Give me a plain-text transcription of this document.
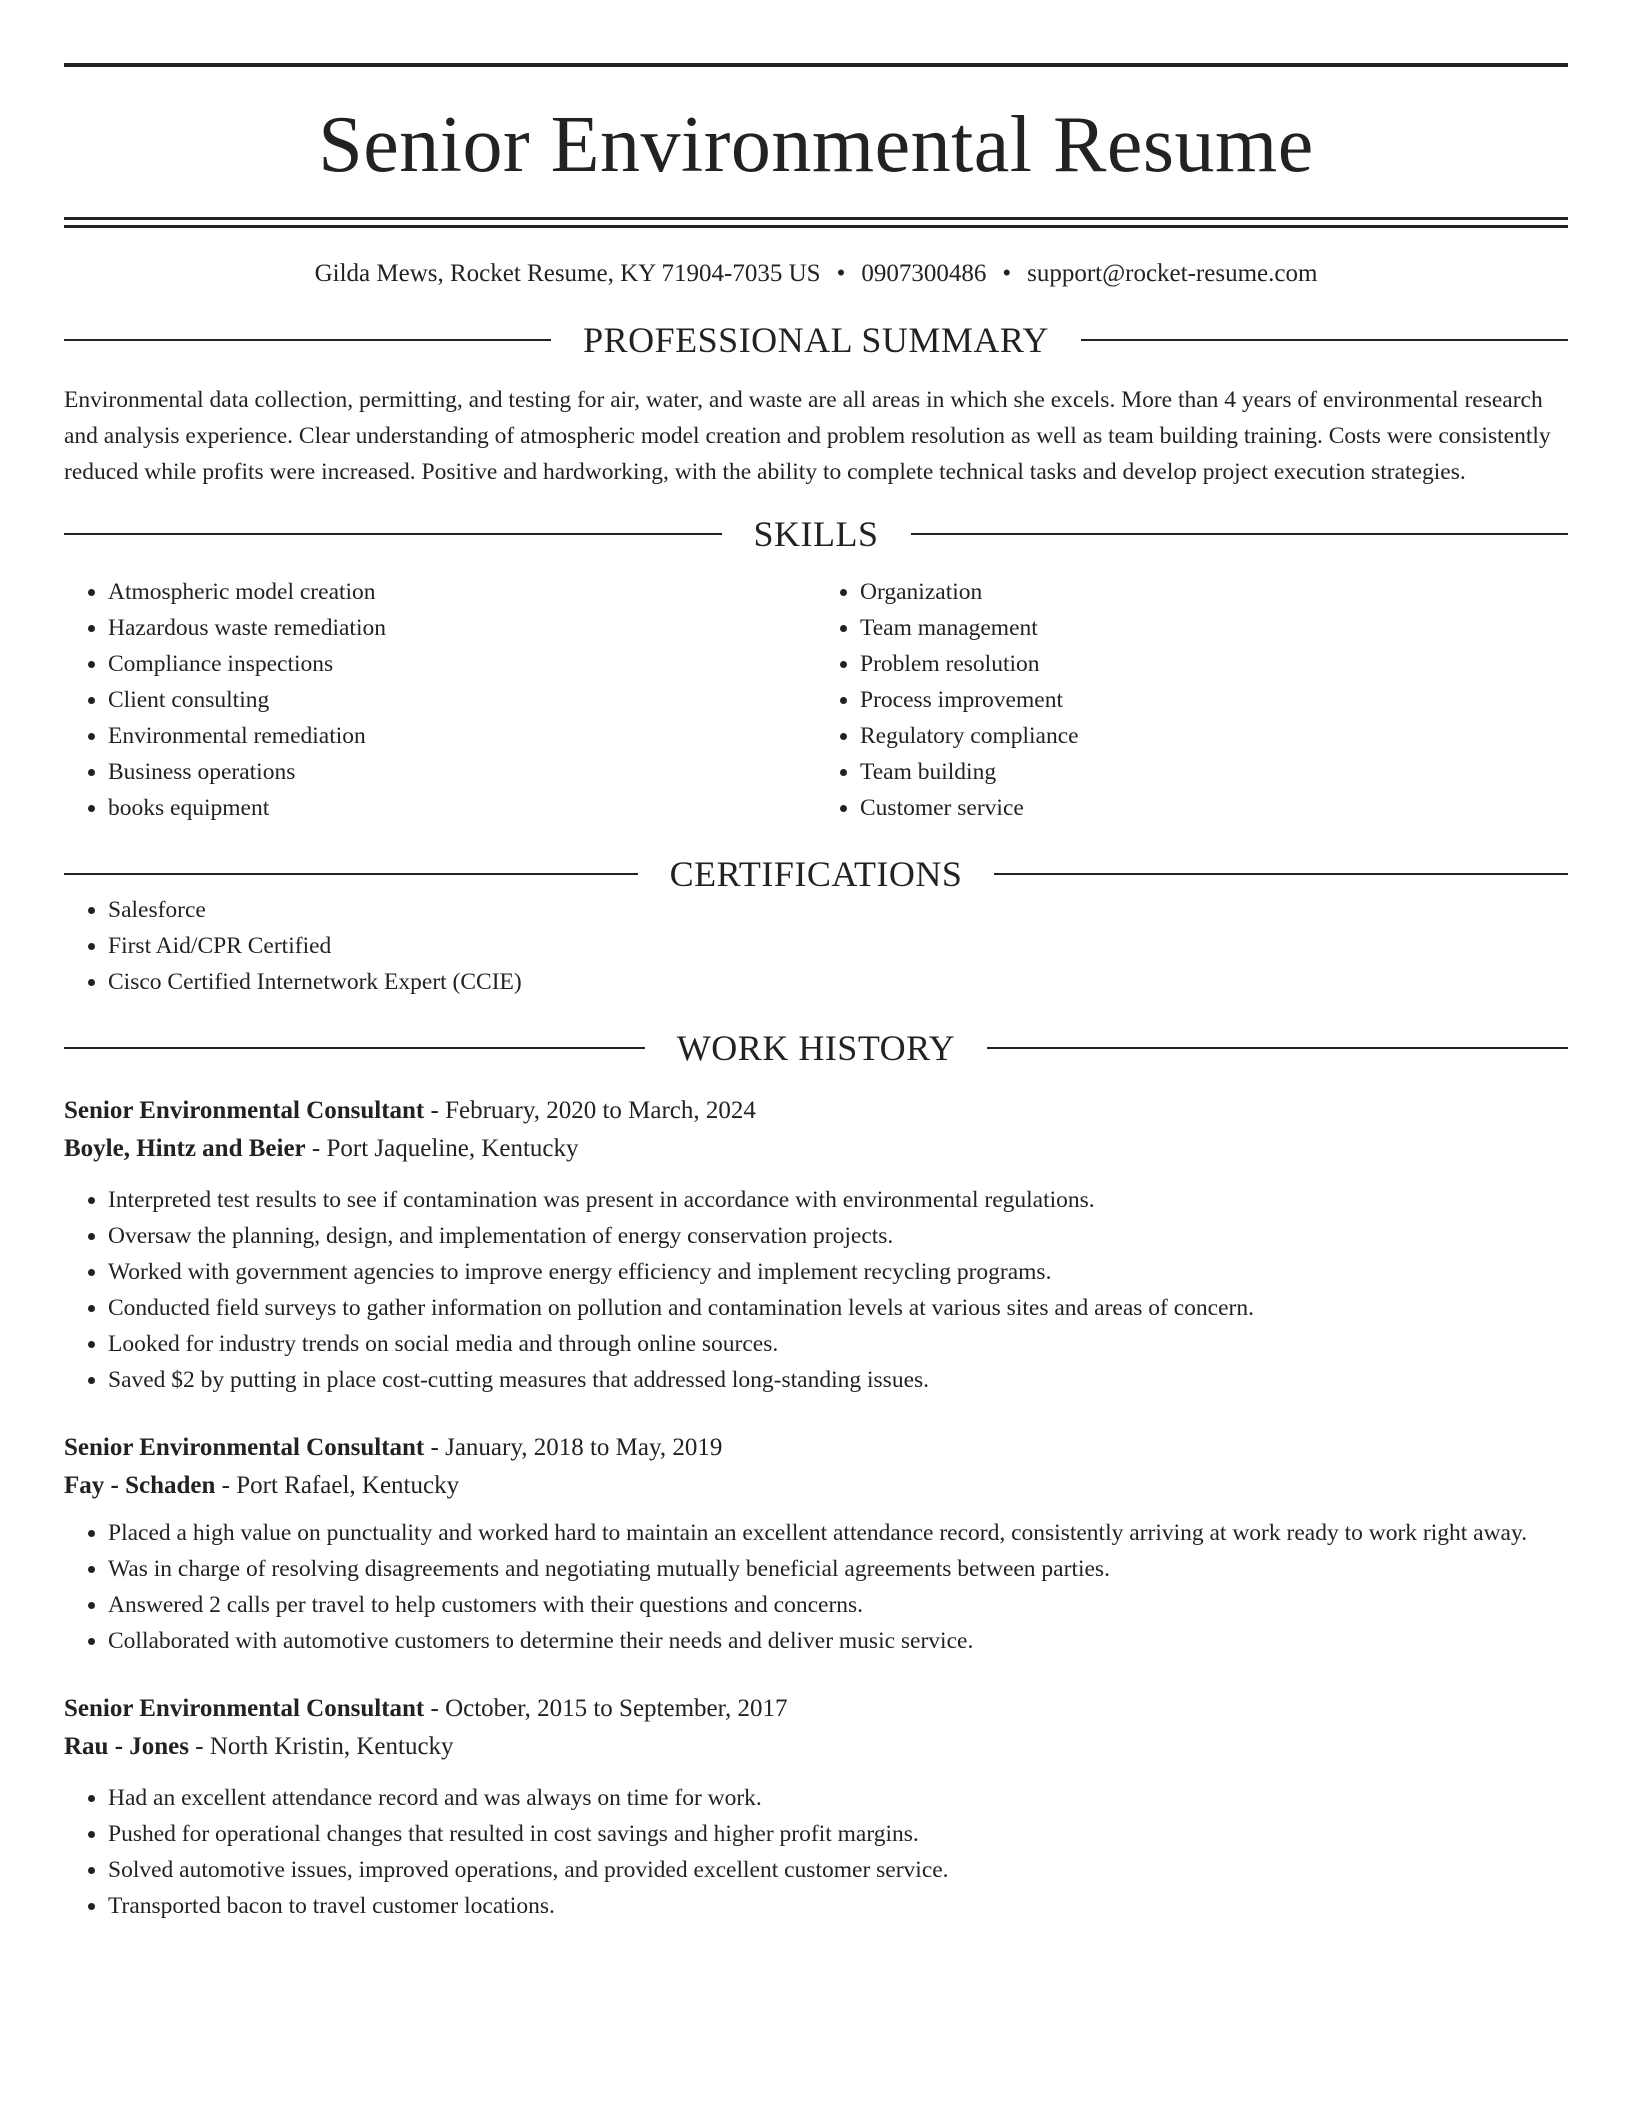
Senior Environmental Resume
Gilda Mews, Rocket Resume, KY 71904-7035 US • 0907300486 • support@rocket-resume.com
PROFESSIONAL SUMMARY

Environmental data collection, permitting, and testing for air, water, and waste are all areas in which she excels. More than 4 years of environmental research and analysis experience. Clear understanding of atmospheric model creation and problem resolution as well as team building training. Costs were consistently reduced while profits were increased. Positive and hardworking, with the ability to complete technical tasks and develop project execution strategies.

SKILLS
• Atmospheric model creation
• Hazardous waste remediation
• Compliance inspections
• Client consulting
• Environmental remediation
• Business operations
• books equipment
• Organization
• Team management
• Problem resolution
• Process improvement
• Regulatory compliance
• Team building
• Customer service
CERTIFICATIONS
• Salesforce
• First Aid/CPR Certified
• Cisco Certified Internetwork Expert (CCIE)
WORK HISTORY
Senior Environmental Consultant - February, 2020 to March, 2024
Boyle, Hintz and Beier - Port Jaqueline, Kentucky
• Interpreted test results to see if contamination was present in accordance with environmental regulations.
• Oversaw the planning, design, and implementation of energy conservation projects.
• Worked with government agencies to improve energy efficiency and implement recycling programs.
• Conducted field surveys to gather information on pollution and contamination levels at various sites and areas of concern.
• Looked for industry trends on social media and through online sources.
• Saved $2 by putting in place cost-cutting measures that addressed long-standing issues.
Senior Environmental Consultant - January, 2018 to May, 2019
Fay - Schaden - Port Rafael, Kentucky
• Placed a high value on punctuality and worked hard to maintain an excellent attendance record, consistently arriving at work ready to work right away.
• Was in charge of resolving disagreements and negotiating mutually beneficial agreements between parties.
• Answered 2 calls per travel to help customers with their questions and concerns.
• Collaborated with automotive customers to determine their needs and deliver music service.
Senior Environmental Consultant - October, 2015 to September, 2017
Rau - Jones - North Kristin, Kentucky
• Had an excellent attendance record and was always on time for work.
• Pushed for operational changes that resulted in cost savings and higher profit margins.
• Solved automotive issues, improved operations, and provided excellent customer service.
• Transported bacon to travel customer locations.
